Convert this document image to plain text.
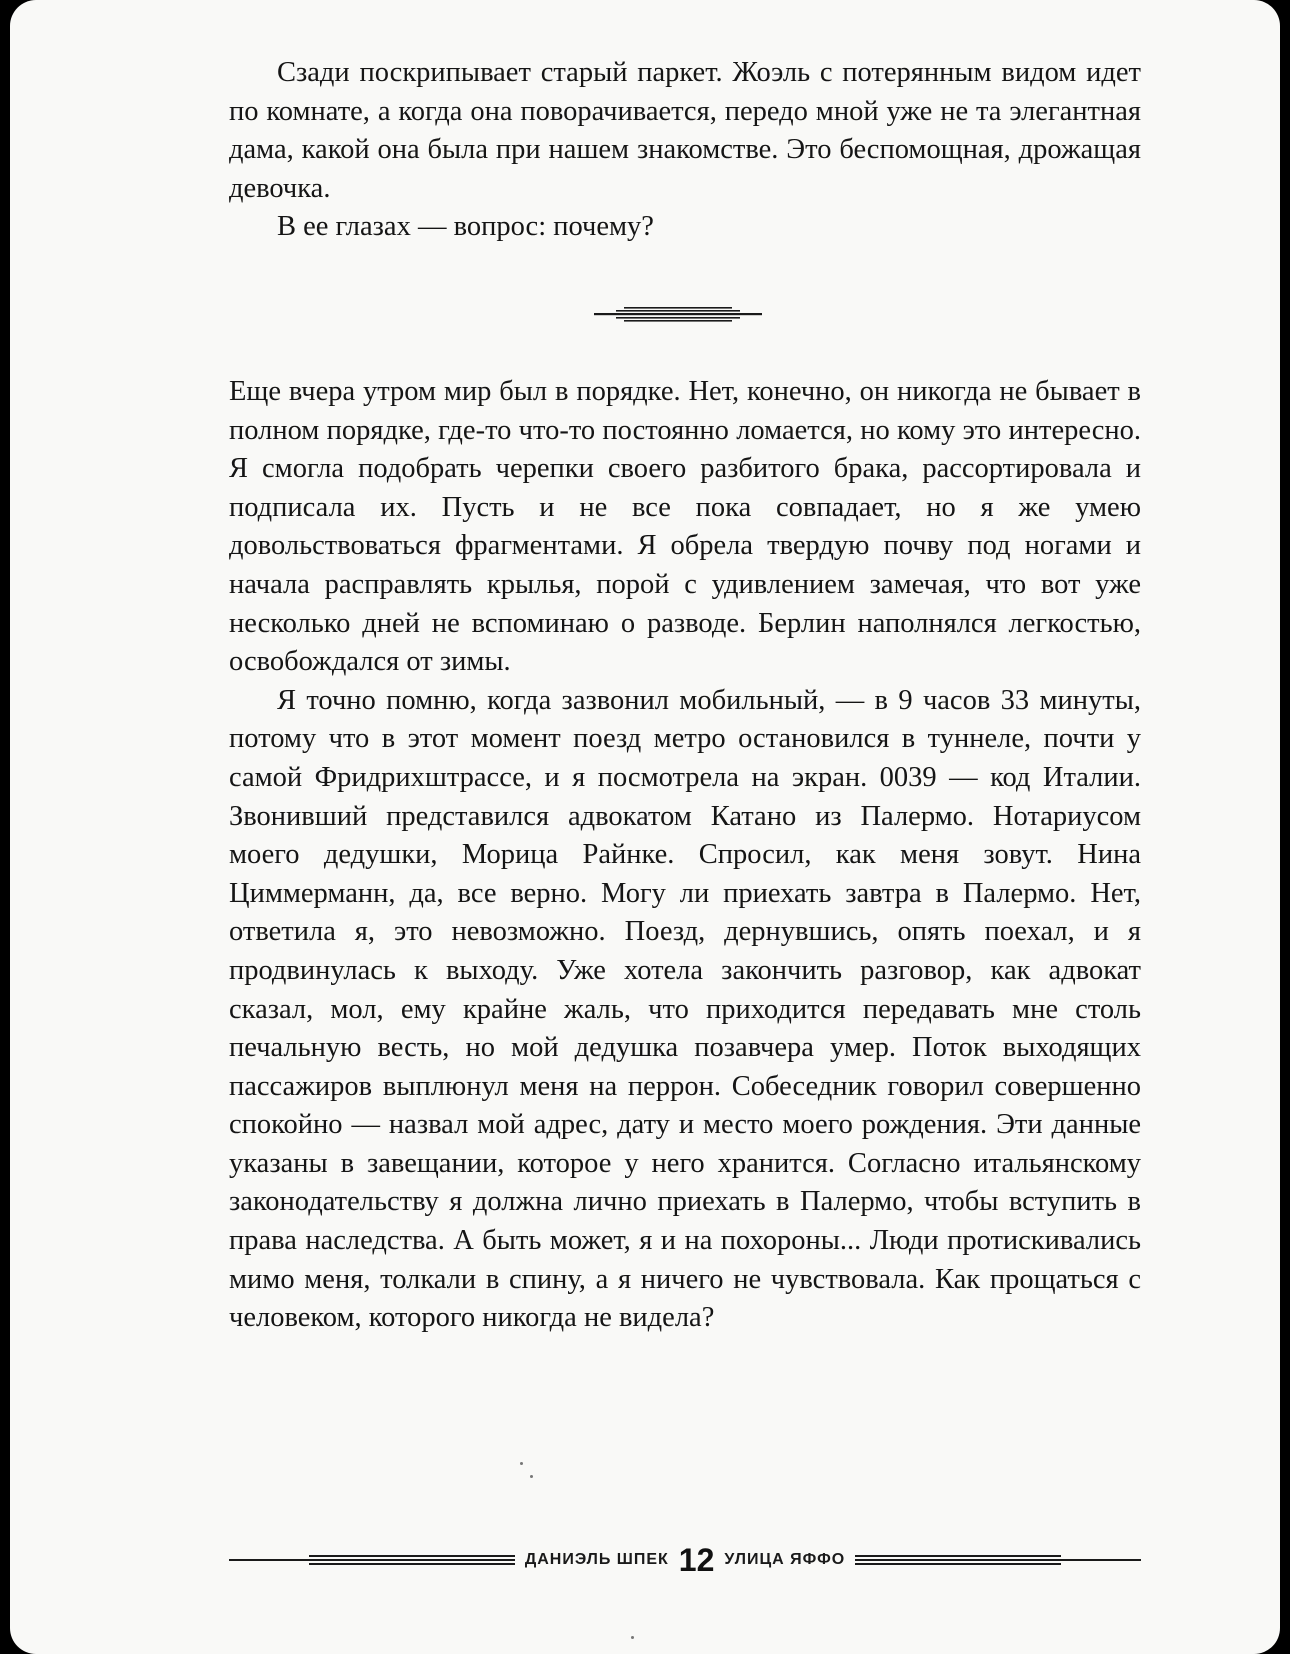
Сзади поскрипывает старый паркет. Жоэль с потерянным видом идет по комнате, а когда она поворачивается, передо мной уже не та элегантная дама, какой она была при нашем знакомстве. Это беспомощная, дрожащая девочка.

В ее глазах — вопрос: почему?

Еще вчера утром мир был в порядке. Нет, конечно, он никогда не бывает в полном порядке, где-то что-то постоянно ломается, но кому это интересно. Я смогла подобрать черепки своего разбитого брака, рассортировала и подписала их. Пусть и не все пока совпадает, но я же умею довольствоваться фрагментами. Я обрела твердую почву под ногами и начала расправлять крылья, порой с удивлением замечая, что вот уже несколько дней не вспоминаю о разводе. Берлин наполнялся легкостью, освобождался от зимы.

Я точно помню, когда зазвонил мобильный, — в 9 часов 33 минуты, потому что в этот момент поезд метро остановился в туннеле, почти у самой Фридрихштрассе, и я посмотрела на экран. 0039 — код Италии. Звонивший представился адвокатом Катано из Палермо. Нотариусом моего дедушки, Морица Райнке. Спросил, как меня зовут. Нина Циммерманн, да, все верно. Могу ли приехать завтра в Палермо. Нет, ответила я, это невозможно. Поезд, дернувшись, опять поехал, и я продвинулась к выходу. Уже хотела закончить разговор, как адвокат сказал, мол, ему крайне жаль, что приходится передавать мне столь печальную весть, но мой дедушка позавчера умер. Поток выходящих пассажиров выплюнул меня на перрон. Собеседник говорил совершенно спокойно — назвал мой адрес, дату и место моего рождения. Эти данные указаны в завещании, которое у него хранится. Согласно итальянскому законодательству я должна лично приехать в Палермо, чтобы вступить в права наследства. А быть может, я и на похороны... Люди протискивались мимо меня, толкали в спину, а я ничего не чувствовала. Как прощаться с человеком, которого никогда не видела?

ДАНИЭЛЬ ШПЕК 12 УЛИЦА ЯФФО
